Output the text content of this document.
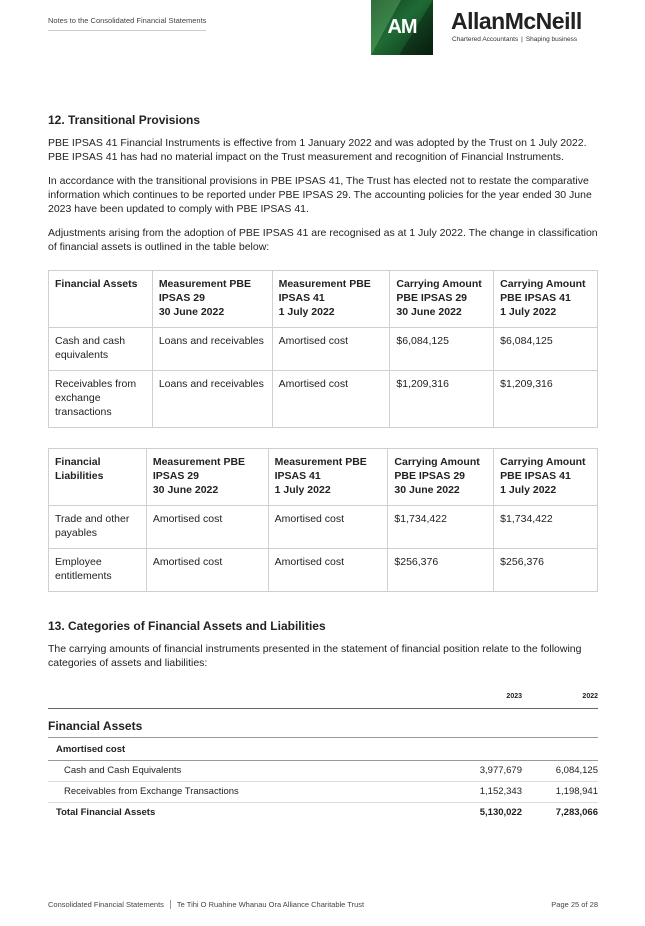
Notes to the Consolidated Financial Statements	AM	AllanMcNeill
Chartered Accountants | Shaping business
12. Transitional Provisions

PBE IPSAS 41 Financial Instruments is effective from 1 January 2022 and was adopted by the Trust on 1 July 2022. PBE IPSAS 41 has had no material impact on the Trust measurement and recognition of Financial Instruments.

In accordance with the transitional provisions in PBE IPSAS 41, The Trust has elected not to restate the comparative information which continues to be reported under PBE IPSAS 29. The accounting policies for the year ended 30 June 2023 have been updated to comply with PBE IPSAS 41.

Adjustments arising from the adoption of PBE IPSAS 41 are recognised as at 1 July 2022. The change in classification of financial assets is outlined in the table below:

Financial Assets	Measurement PBE
IPSAS 29
30 June 2022	Measurement PBE
IPSAS 41
1 July 2022	Carrying Amount
PBE IPSAS 29
30 June 2022	Carrying Amount
PBE IPSAS 41
1 July 2022
Cash and cash equivalents	Loans and receivables	Amortised cost	$6,084,125	$6,084,125
Receivables from exchange transactions	Loans and receivables	Amortised cost	$1,209,316	$1,209,316
Financial
Liabilities	Measurement PBE
IPSAS 29
30 June 2022	Measurement PBE
IPSAS 41
1 July 2022	Carrying Amount
PBE IPSAS 29
30 June 2022	Carrying Amount
PBE IPSAS 41
1 July 2022
Trade and other payables	Amortised cost	Amortised cost	$1,734,422	$1,734,422
Employee entitlements	Amortised cost	Amortised cost	$256,376	$256,376
13. Categories of Financial Assets and Liabilities

The carrying amounts of financial instruments presented in the statement of financial position relate to the following categories of assets and liabilities:

2023	2022
Financial Assets
Amortised cost
Cash and Cash Equivalents	3,977,679	6,084,125
Receivables from Exchange Transactions	1,152,343	1,198,941
Total Financial Assets	5,130,022	7,283,066
Consolidated Financial Statements	Te Tihi O Ruahine Whanau Ora Alliance Charitable Trust	Page 25 of 28
